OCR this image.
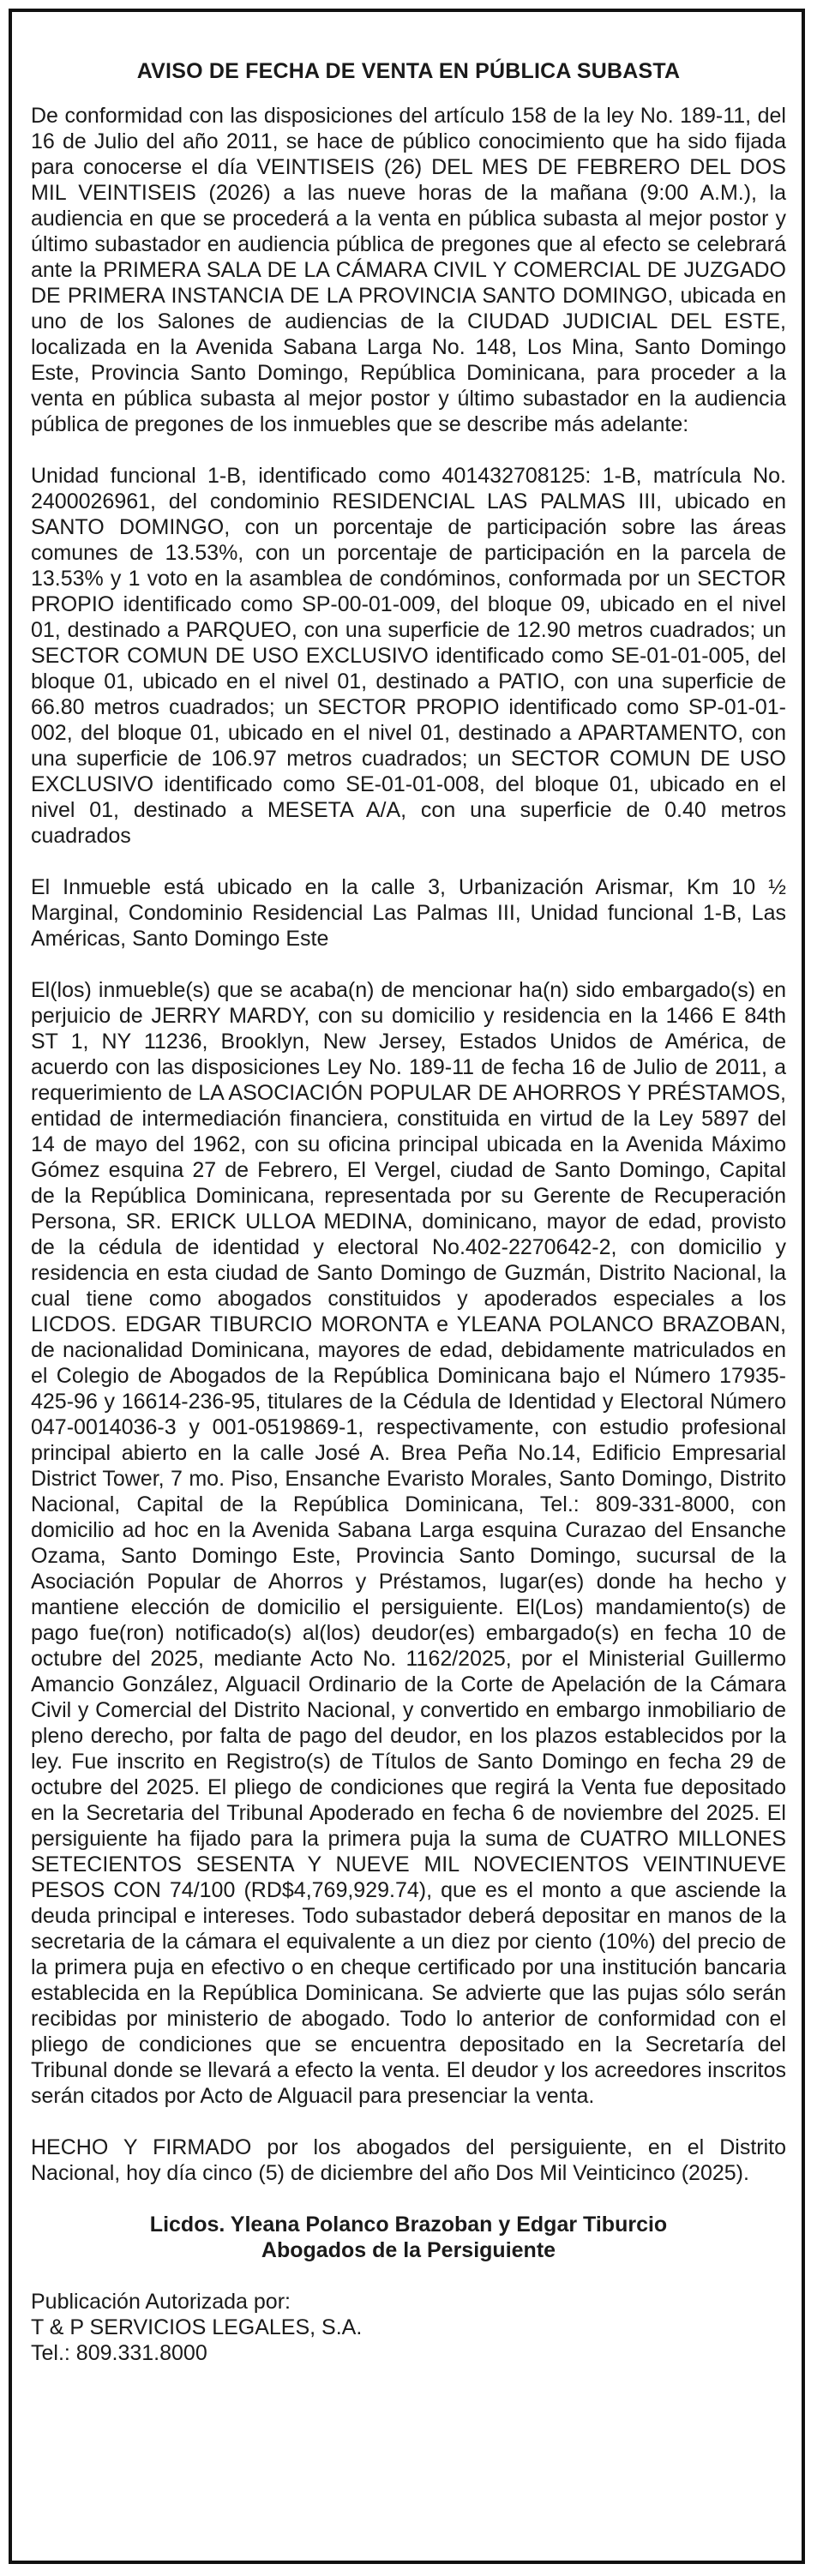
AVISO DE FECHA DE VENTA EN PÚBLICA SUBASTA

De conformidad con las disposiciones del artículo 158 de la ley No. 189-11, del 16 de Julio del año 2011, se hace de público conocimiento que ha sido fijada para conocerse el día VEINTISEIS (26) DEL MES DE FEBRERO DEL DOS MIL VEINTISEIS (2026) a las nueve horas de la mañana (9:00 A.M.), la audiencia en que se procederá a la venta en pública subasta al mejor postor y último subastador en audiencia pública de pregones que al efecto se celebrará ante la PRIMERA SALA DE LA CÁMARA CIVIL Y COMERCIAL DE JUZGADO DE PRIMERA INSTANCIA DE LA PROVINCIA SANTO DOMINGO, ubicada en uno de los Salones de audiencias de la CIUDAD JUDICIAL DEL ESTE, localizada en la Avenida Sabana Larga No. 148, Los Mina, Santo Domingo Este, Provincia Santo Domingo, República Dominicana, para proceder a la venta en pública subasta al mejor postor y último subastador en la audiencia pública de pregones de los inmuebles que se describe más adelante:

Unidad funcional 1-B, identificado como 401432708125: 1-B, matrícula No. 2400026961, del condominio RESIDENCIAL LAS PALMAS III, ubicado en SANTO DOMINGO, con un porcentaje de participación sobre las áreas comunes de 13.53%, con un porcentaje de participación en la parcela de 13.53% y 1 voto en la asamblea de condóminos, conformada por un SECTOR PROPIO identificado como SP-00-01-009, del bloque 09, ubicado en el nivel 01, destinado a PARQUEO, con una superficie de 12.90 metros cuadrados; un SECTOR COMUN DE USO EXCLUSIVO identificado como SE-01-01-005, del bloque 01, ubicado en el nivel 01, destinado a PATIO, con una superficie de 66.80 metros cuadrados; un SECTOR PROPIO identificado como SP-01-01-002, del bloque 01, ubicado en el nivel 01, destinado a APARTAMENTO, con una superficie de 106.97 metros cuadrados; un SECTOR COMUN DE USO EXCLUSIVO identificado como SE-01-01-008, del bloque 01, ubicado en el nivel 01, destinado a MESETA A/A, con una superficie de 0.40 metros cuadrados

El Inmueble está ubicado en la calle 3, Urbanización Arismar, Km 10 ½ Marginal, Condominio Residencial Las Palmas III, Unidad funcional 1-B, Las Américas, Santo Domingo Este

El(los) inmueble(s) que se acaba(n) de mencionar ha(n) sido embargado(s) en perjuicio de JERRY MARDY, con su domicilio y residencia en la 1466 E 84th ST 1, NY 11236, Brooklyn, New Jersey, Estados Unidos de América, de acuerdo con las disposiciones Ley No. 189-11 de fecha 16 de Julio de 2011, a requerimiento de LA ASOCIACIÓN POPULAR DE AHORROS Y PRÉSTAMOS, entidad de intermediación financiera, constituida en virtud de la Ley 5897 del 14 de mayo del 1962, con su oficina principal ubicada en la Avenida Máximo Gómez esquina 27 de Febrero, El Vergel, ciudad de Santo Domingo, Capital de la República Dominicana, representada por su Gerente de Recuperación Persona, SR. ERICK ULLOA MEDINA, dominicano, mayor de edad, provisto de la cédula de identidad y electoral No.402-2270642-2, con domicilio y residencia en esta ciudad de Santo Domingo de Guzmán, Distrito Nacional, la cual tiene como abogados constituidos y apoderados especiales a los LICDOS. EDGAR TIBURCIO MORONTA e YLEANA POLANCO BRAZOBAN, de nacionalidad Dominicana, mayores de edad, debidamente matriculados en el Colegio de Abogados de la República Dominicana bajo el Número 17935-425-96 y 16614-236-95, titulares de la Cédula de Identidad y Electoral Número 047-0014036-3 y 001-0519869-1, respectivamente, con estudio profesional principal abierto en la calle José A. Brea Peña No.14, Edificio Empresarial District Tower, 7 mo. Piso, Ensanche Evaristo Morales, Santo Domingo, Distrito Nacional, Capital de la República Dominicana, Tel.: 809-331-8000, con domicilio ad hoc en la Avenida Sabana Larga esquina Curazao del Ensanche Ozama, Santo Domingo Este, Provincia Santo Domingo, sucursal de la Asociación Popular de Ahorros y Préstamos, lugar(es) donde ha hecho y mantiene elección de domicilio el persiguiente. El(Los) mandamiento(s) de pago fue(ron) notificado(s) al(los) deudor(es) embargado(s) en fecha 10 de octubre del 2025, mediante Acto No. 1162/2025, por el Ministerial Guillermo Amancio González, Alguacil Ordinario de la Corte de Apelación de la Cámara Civil y Comercial del Distrito Nacional, y convertido en embargo inmobiliario de pleno derecho, por falta de pago del deudor, en los plazos establecidos por la ley. Fue inscrito en Registro(s) de Títulos de Santo Domingo en fecha 29 de octubre del 2025. El pliego de condiciones que regirá la Venta fue depositado en la Secretaria del Tribunal Apoderado en fecha 6 de noviembre del 2025. El persiguiente ha fijado para la primera puja la suma de CUATRO MILLONES SETECIENTOS SESENTA Y NUEVE MIL NOVECIENTOS VEINTINUEVE PESOS CON 74/100 (RD$4,769,929.74), que es el monto a que asciende la deuda principal e intereses. Todo subastador deberá depositar en manos de la secretaria de la cámara el equivalente a un diez por ciento (10%) del precio de la primera puja en efectivo o en cheque certificado por una institución bancaria establecida en la República Dominicana. Se advierte que las pujas sólo serán recibidas por ministerio de abogado. Todo lo anterior de conformidad con el pliego de condiciones que se encuentra depositado en la Secretaría del Tribunal donde se llevará a efecto la venta. El deudor y los acreedores inscritos serán citados por Acto de Alguacil para presenciar la venta.

HECHO Y FIRMADO por los abogados del persiguiente, en el Distrito Nacional, hoy día cinco (5) de diciembre del año Dos Mil Veinticinco (2025).

Licdos. Yleana Polanco Brazoban y Edgar Tiburcio
Abogados de la Persiguiente
Publicación Autorizada por:
T & P SERVICIOS LEGALES, S.A.
Tel.: 809.331.8000
